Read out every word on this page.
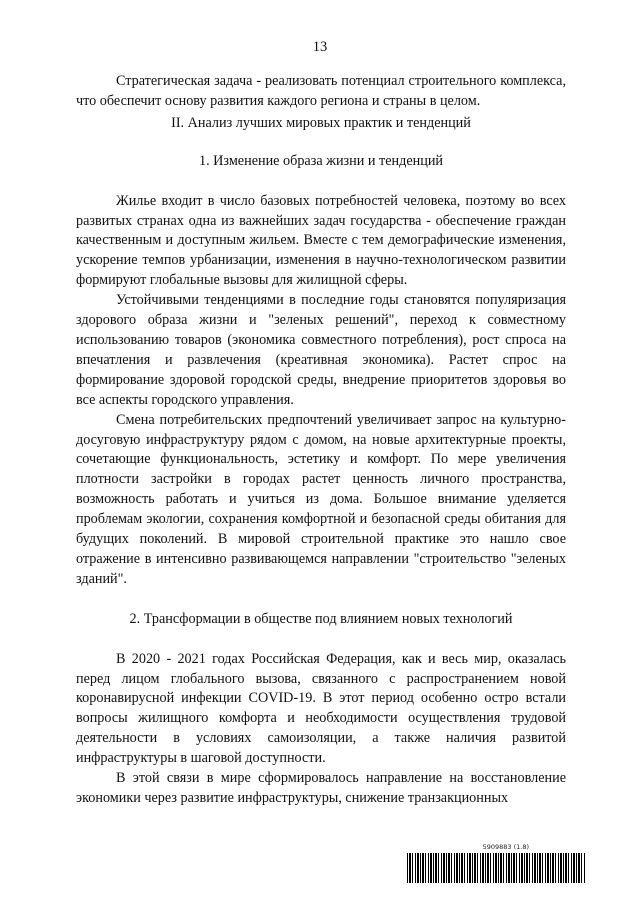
13

Стратегическая задача - реализовать потенциал строительного комплекса, что обеспечит основу развития каждого региона и страны в целом.

II. Анализ лучших мировых практик и тенденций
1. Изменение образа жизни и тенденций

Жилье входит в число базовых потребностей человека, поэтому во всех развитых странах одна из важнейших задач государства - обеспечение граждан качественным и доступным жильем. Вместе с тем демографические изменения, ускорение темпов урбанизации, изменения в научно-технологическом развитии формируют глобальные вызовы для жилищной сферы.

Устойчивыми тенденциями в последние годы становятся популяризация здорового образа жизни и "зеленых решений", переход к совместному использованию товаров (экономика совместного потребления), рост спроса на впечатления и развлечения (креативная экономика). Растет спрос на формирование здоровой городской среды, внедрение приоритетов здоровья во все аспекты городского управления.

Смена потребительских предпочтений увеличивает запрос на культурно-досуговую инфраструктуру рядом с домом, на новые архитектурные проекты, сочетающие функциональность, эстетику и комфорт. По мере увеличения плотности застройки в городах растет ценность личного пространства, возможность работать и учиться из дома. Большое внимание уделяется проблемам экологии, сохранения комфортной и безопасной среды обитания для будущих поколений. В мировой строительной практике это нашло свое отражение в интенсивно развивающемся направлении "строительство "зеленых зданий".

2. Трансформации в обществе под влиянием новых технологий

В 2020 - 2021 годах Российская Федерация, как и весь мир, оказалась перед лицом глобального вызова, связанного с распространением новой коронавирусной инфекции COVID-19. В этот период особенно остро встали вопросы жилищного комфорта и необходимости осуществления трудовой деятельности в условиях самоизоляции, а также наличия развитой инфраструктуры в шаговой доступности.

В этой связи в мире сформировалось направление на восстановление экономики через развитие инфраструктуры, снижение транзакционных

5909883 (1.8)
